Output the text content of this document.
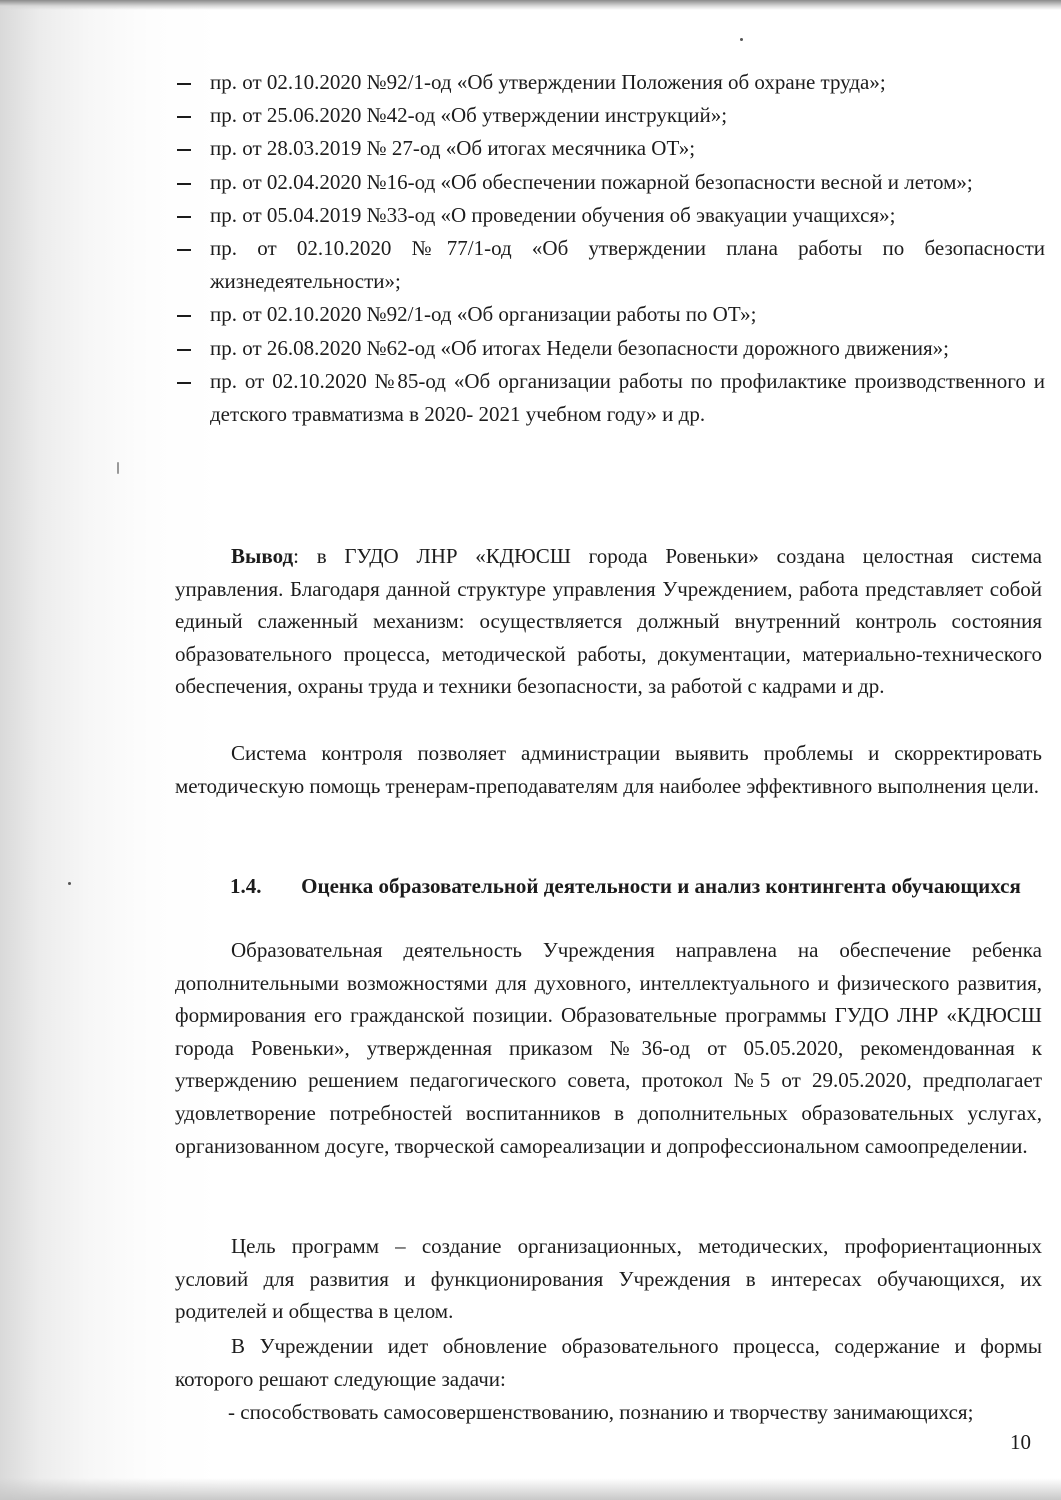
пр. от 02.10.2020 №92/1-од «Об утверждении Положения об охране труда»;
пр. от 25.06.2020 №42-од «Об утверждении инструкций»;
пр. от 28.03.2019 № 27-од «Об итогах месячника ОТ»;
пр. от 02.04.2020 №16-од «Об обеспечении пожарной безопасности весной и летом»;
пр. от 05.04.2019 №33-од «О проведении обучения об эвакуации учащихся»;
пр. от 02.10.2020 №77/1-од «Об утверждении плана работы по безопасности жизнедеятельности»;
пр. от 02.10.2020 №92/1-од «Об организации работы по ОТ»;
пр. от 26.08.2020 №62-од «Об итогах Недели безопасности дорожного движения»;
пр. от 02.10.2020 №85-од «Об организации работы по профилактике производственного и детского травматизма в 2020- 2021 учебном году» и др.

Вывод: в ГУДО ЛНР «КДЮСШ города Ровеньки» создана целостная система управления. Благодаря данной структуре управления Учреждением, работа представляет собой единый слаженный механизм: осуществляется должный внутренний контроль состояния образовательного процесса, методической работы, документации, материально-технического обеспечения, охраны труда и техники безопасности, за работой с кадрами и др.

Система контроля позволяет администрации выявить проблемы и скорректировать методическую помощь тренерам-преподавателям для наиболее эффективного выполнения цели.

1.4.	Оценка образовательной деятельности и анализ контингента обучающихся

Образовательная деятельность Учреждения направлена на обеспечение ребенка дополнительными возможностями для духовного, интеллектуального и физического развития, формирования его гражданской позиции. Образовательные программы ГУДО ЛНР «КДЮСШ города Ровеньки», утвержденная приказом №36-од от 05.05.2020, рекомендованная к утверждению решением педагогического совета, протокол №5 от 29.05.2020, предполагает удовлетворение потребностей воспитанников в дополнительных образовательных услугах, организованном досуге, творческой самореализации и допрофессиональном самоопределении.

Цель программ – создание организационных, методических, профориентационных условий для развития и функционирования Учреждения в интересах обучающихся, их родителей и общества в целом.

В Учреждении идет обновление образовательного процесса, содержание и формы которого решают следующие задачи:

- способствовать самосовершенствованию, познанию и творчеству занимающихся;

10
